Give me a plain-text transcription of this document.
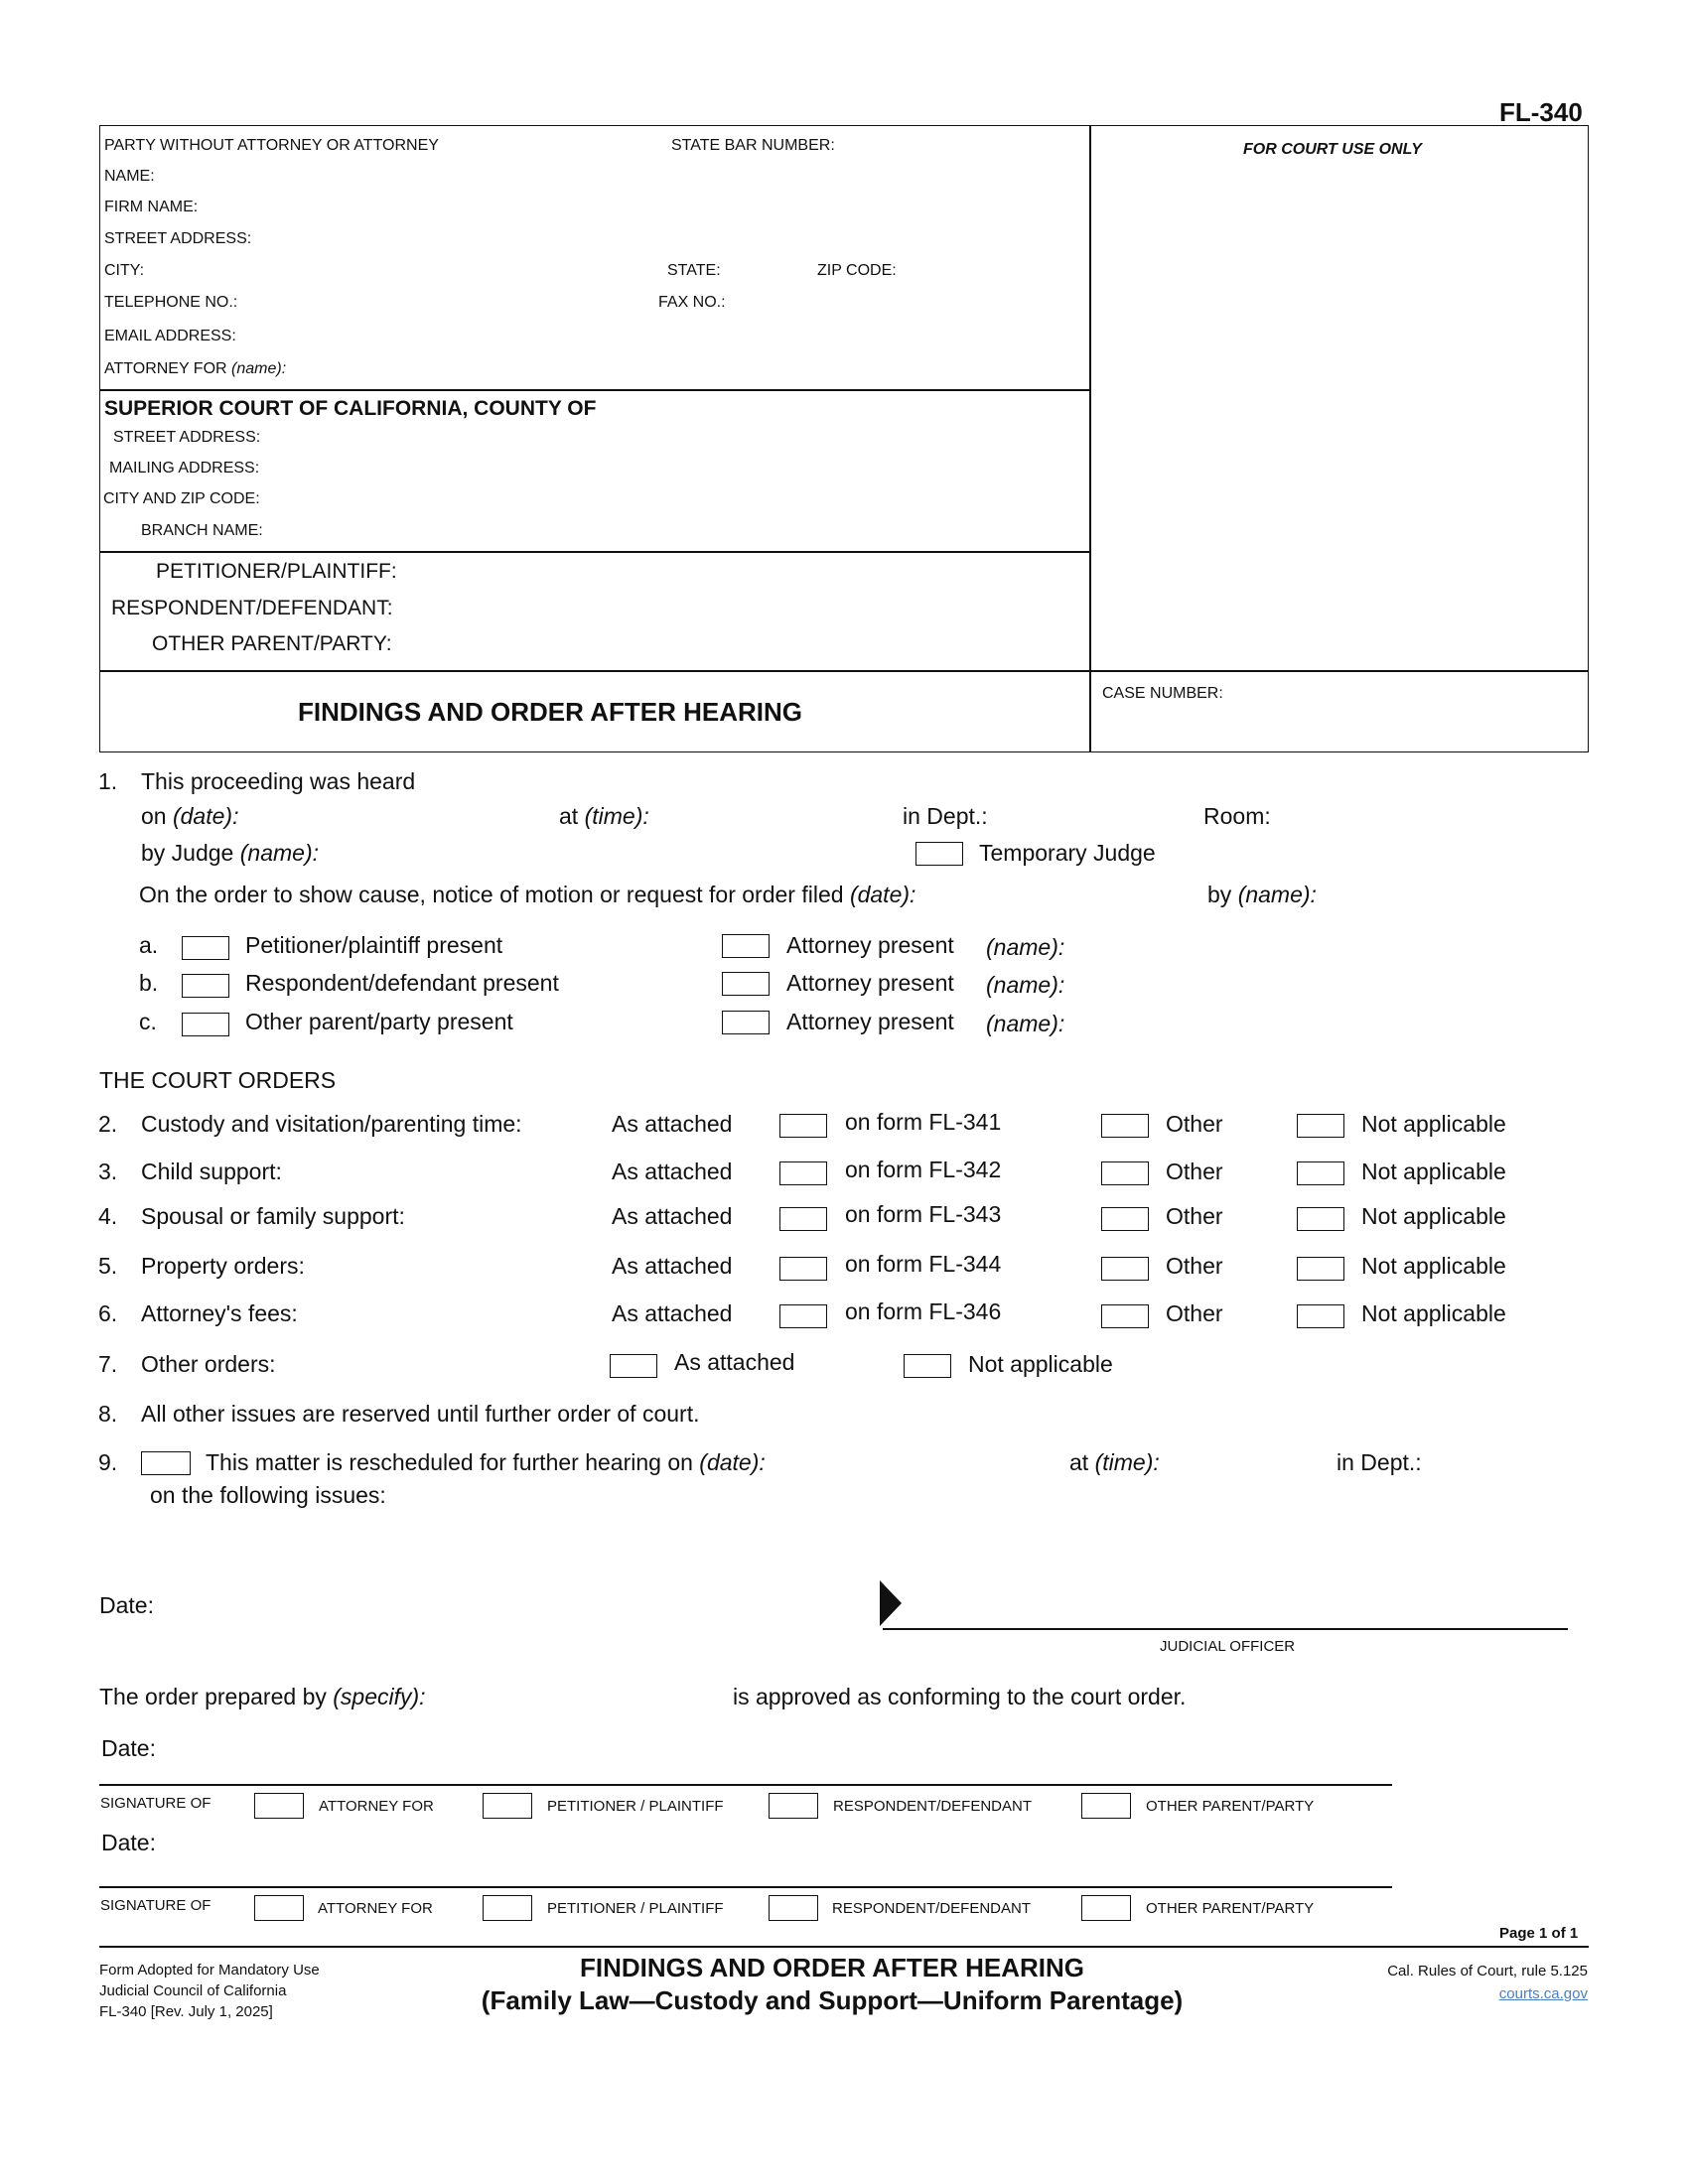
FL-340
PARTY WITHOUT ATTORNEY OR ATTORNEY	STATE BAR NUMBER:
NAME:
FIRM NAME:
STREET ADDRESS:
CITY:	STATE:	ZIP CODE:
TELEPHONE NO.:	FAX NO.:
EMAIL ADDRESS:
ATTORNEY FOR (name):
FOR COURT USE ONLY
SUPERIOR COURT OF CALIFORNIA, COUNTY OF
STREET ADDRESS:
MAILING ADDRESS:
CITY AND ZIP CODE:
BRANCH NAME:
PETITIONER/PLAINTIFF:
RESPONDENT/DEFENDANT:
OTHER PARENT/PARTY:
FINDINGS AND ORDER AFTER HEARING
CASE NUMBER:
1. This proceeding was heard
on (date):	at (time):	in Dept.:	Room:
by Judge (name):	Temporary Judge
On the order to show cause, notice of motion or request for order filed (date):	by (name):
a.	Petitioner/plaintiff present	Attorney present (name):
b.	Respondent/defendant present	Attorney present (name):
c.	Other parent/party present	Attorney present (name):
THE COURT ORDERS
2. Custody and visitation/parenting time:	As attached	on form FL-341	Other	Not applicable
3. Child support:	As attached	on form FL-342	Other	Not applicable
4. Spousal or family support:	As attached	on form FL-343	Other	Not applicable
5. Property orders:	As attached	on form FL-344	Other	Not applicable
6. Attorney's fees:	As attached	on form FL-346	Other	Not applicable
7. Other orders:	As attached	Not applicable
8. All other issues are reserved until further order of court.
9.	This matter is rescheduled for further hearing on (date):	at (time):	in Dept.:
on the following issues:
Date:
JUDICIAL OFFICER
The order prepared by (specify):	is approved as conforming to the court order.
Date:
SIGNATURE OF	ATTORNEY FOR	PETITIONER / PLAINTIFF	RESPONDENT/DEFENDANT	OTHER PARENT/PARTY
Date:
SIGNATURE OF	ATTORNEY FOR	PETITIONER / PLAINTIFF	RESPONDENT/DEFENDANT	OTHER PARENT/PARTY
Page 1 of 1
Form Adopted for Mandatory Use
Judicial Council of California
FL-340 [Rev. July 1, 2025]
FINDINGS AND ORDER AFTER HEARING
(Family Law—Custody and Support—Uniform Parentage)
Cal. Rules of Court, rule 5.125
courts.ca.gov
